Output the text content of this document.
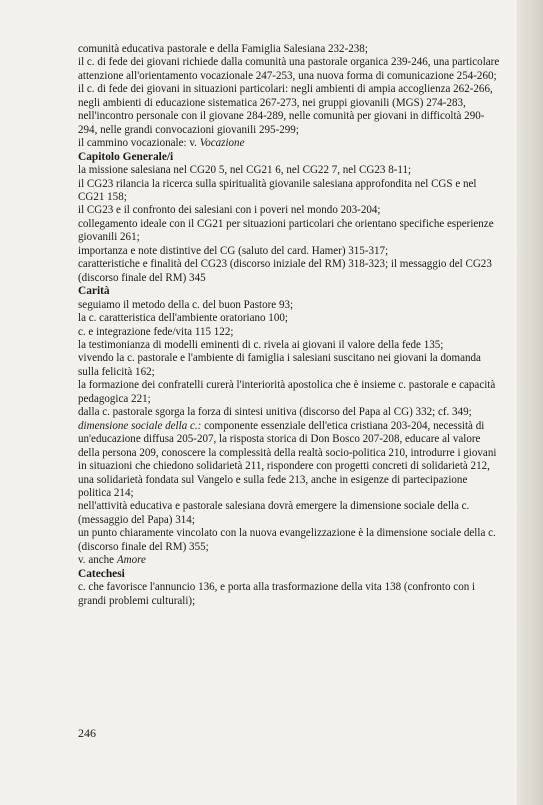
comunità educativa pastorale e della Famiglia Salesiana 232-238;

il c. di fede dei giovani richiede dalla comunità una pastorale organica 239-246, una particolare attenzione all'orientamento vocazionale 247-253, una nuova forma di comunicazione 254-260;

il c. di fede dei giovani in situazioni particolari: negli ambienti di ampia accoglienza 262-266, negli ambienti di educazione sistematica 267-273, nei gruppi giovanili (MGS) 274-283, nell'incontro personale con il giovane 284-289, nelle comunità per giovani in difficoltà 290-294, nelle grandi convocazioni giovanili 295-299;

il cammino vocazionale: v. Vocazione

Capitolo Generale/i

la missione salesiana nel CG20 5, nel CG21 6, nel CG22 7, nel CG23 8-11;

il CG23 rilancia la ricerca sulla spiritualità giovanile salesiana approfondita nel CGS e nel CG21 158;

il CG23 e il confronto dei salesiani con i poveri nel mondo 203-204;

collegamento ideale con il CG21 per situazioni particolari che orientano specifiche esperienze giovanili 261;

importanza e note distintive del CG (saluto del card. Hamer) 315-317;

caratteristiche e finalità del CG23 (discorso iniziale del RM) 318-323; il messaggio del CG23 (discorso finale del RM) 345

Carità

seguiamo il metodo della c. del buon Pastore 93;

la c. caratteristica dell'ambiente oratoriano 100;

c. e integrazione fede/vita 115 122;

la testimonianza di modelli eminenti di c. rivela ai giovani il valore della fede 135;

vivendo la c. pastorale e l'ambiente di famiglia i salesiani suscitano nei giovani la domanda sulla felicità 162;

la formazione dei confratelli curerà l'interiorità apostolica che è insieme c. pastorale e capacità pedagogica 221;

dalla c. pastorale sgorga la forza di sintesi unitiva (discorso del Papa al CG) 332; cf. 349;

dimensione sociale della c.: componente essenziale dell'etica cristiana 203-204, necessità di un'educazione diffusa 205-207, la risposta storica di Don Bosco 207-208, educare al valore della persona 209, conoscere la complessità della realtà socio-politica 210, introdurre i giovani in situazioni che chiedono solidarietà 211, rispondere con progetti concreti di solidarietà 212, una solidarietà fondata sul Vangelo e sulla fede 213, anche in esigenze di partecipazione politica 214;

nell'attività educativa e pastorale salesiana dovrà emergere la dimensione sociale della c. (messaggio del Papa) 314;

un punto chiaramente vincolato con la nuova evangelizzazione è la dimensione sociale della c. (discorso finale del RM) 355;

v. anche Amore

Catechesi

c. che favorisce l'annuncio 136, e porta alla trasformazione della vita 138 (confronto con i grandi problemi culturali);

246
